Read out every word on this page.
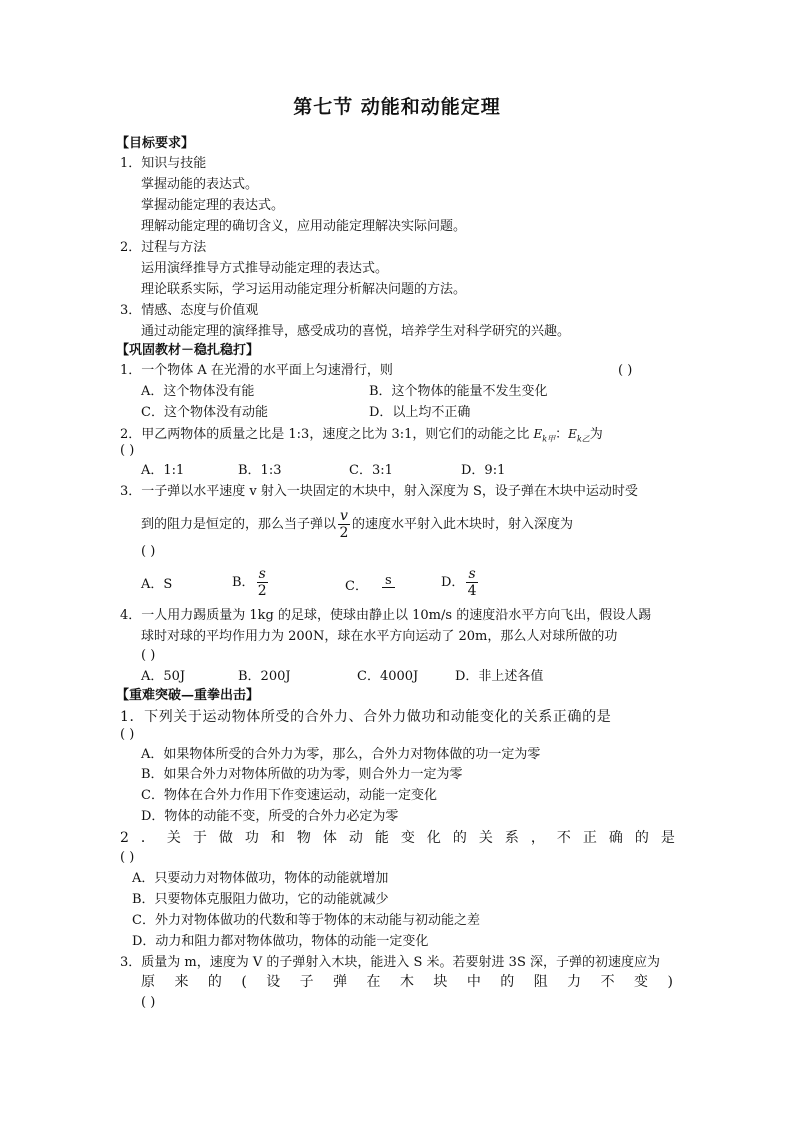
第七节 动能和动能定理
【目标要求】
1．知识与技能
掌握动能的表达式。
掌握动能定理的表达式。
理解动能定理的确切含义，应用动能定理解决实际问题。
2．过程与方法
运用演绎推导方式推导动能定理的表达式。
理论联系实际，学习运用动能定理分析解决问题的方法。
3．情感、态度与价值观
通过动能定理的演绎推导，感受成功的喜悦，培养学生对科学研究的兴趣。
【巩固教材－稳扎稳打】
1．一个物体 A 在光滑的水平面上匀速滑行，则	( )
A．这个物体没有能	B．这个物体的能量不发生变化
C．这个物体没有动能	D．以上均不正确
2．甲乙两物体的质量之比是 1:3，速度之比为 3:1，则它们的动能之比 $E_{k甲}$：$E_{k乙}$为
( )
A．1:1	B．1:3	C．3:1	D．9:1
3．一子弹以水平速度 v 射入一块固定的木块中，射入深度为 S，设子弹在木块中运动时受
到的阻力是恒定的，那么当子弹以 $\frac{v}{2}$ 的速度水平射入此木块时，射入深度为
( )
A．S	B． $\frac{s}{2}$	C． s	D． $\frac{s}{4}$
4．一人用力踢质量为 1kg 的足球，使球由静止以 10m/s 的速度沿水平方向飞出，假设人踢
球时对球的平均作用力为 200N，球在水平方向运动了 20m，那么人对球所做的功
( )
A．50J	B．200J	C．4000J	D．非上述各值
【重难突破—重拳出击】
1．下列关于运动物体所受的合外力、合外力做功和动能变化的关系正确的是
( )
A．如果物体所受的合外力为零，那么，合外力对物体做的功一定为零
B．如果合外力对物体所做的功为零，则合外力一定为零
C．物体在合外力作用下作变速运动，动能一定变化
D．物体的动能不变，所受的合外力必定为零
2 ． 关 于 做 功 和 物 体 动 能 变 化 的 关 系 ， 不 正 确 的 是
( )
A．只要动力对物体做功，物体的动能就增加
B．只要物体克服阻力做功，它的动能就减少
C．外力对物体做功的代数和等于物体的末动能与初动能之差
D．动力和阻力都对物体做功，物体的动能一定变化
3．质量为 m，速度为 V 的子弹射入木块，能进入 S 米。若要射进 3S 深，子弹的初速度应为
原 来 的 ( 设 子 弹 在 木 块 中 的 阻 力 不 变 )
( )
